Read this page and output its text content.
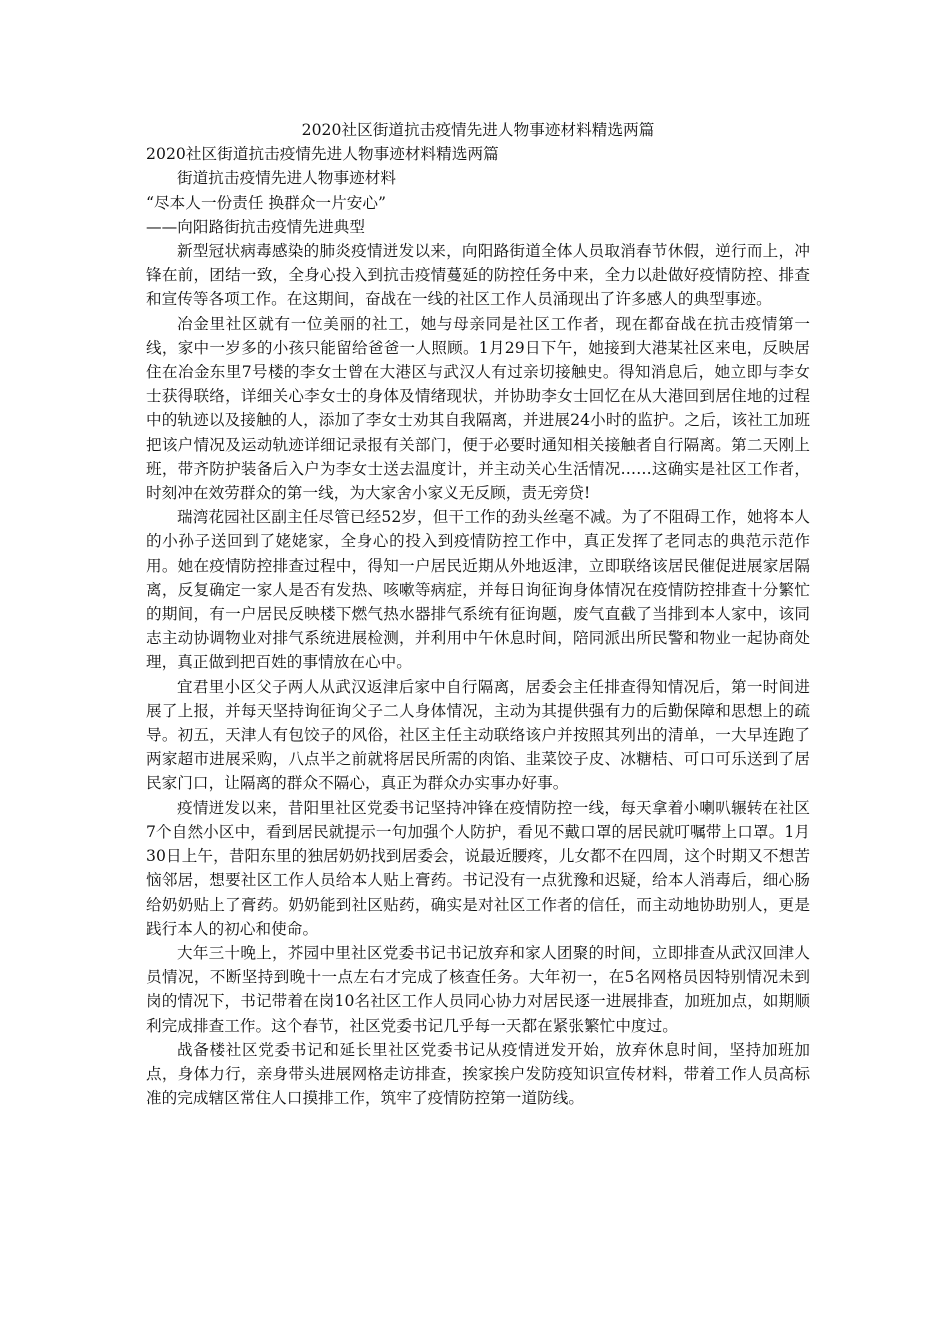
2020社区街道抗击疫情先进人物事迹材料精选两篇

2020社区街道抗击疫情先进人物事迹材料精选两篇

街道抗击疫情先进人物事迹材料

“尽本人一份责任 换群众一片安心”

——向阳路街抗击疫情先进典型

新型冠状病毒感染的肺炎疫情迸发以来，向阳路街道全体人员取消春节休假，逆行而上，冲锋在前，团结一致，全身心投入到抗击疫情蔓延的防控任务中来，全力以赴做好疫情防控、排查和宣传等各项工作。在这期间，奋战在一线的社区工作人员涌现出了许多感人的典型事迹。

冶金里社区就有一位美丽的社工，她与母亲同是社区工作者，现在都奋战在抗击疫情第一线，家中一岁多的小孩只能留给爸爸一人照顾。1月29日下午，她接到大港某社区来电，反映居住在冶金东里7号楼的李女士曾在大港区与武汉人有过亲切接触史。得知消息后，她立即与李女士获得联络，详细关心李女士的身体及情绪现状，并协助李女士回忆在从大港回到居住地的过程中的轨迹以及接触的人，添加了李女士劝其自我隔离，并进展24小时的监护。之后，该社工加班把该户情况及运动轨迹详细记录报有关部门，便于必要时通知相关接触者自行隔离。第二天刚上班，带齐防护装备后入户为李女士送去温度计，并主动关心生活情况……这确实是社区工作者，时刻冲在效劳群众的第一线，为大家舍小家义无反顾，责无旁贷!

瑞湾花园社区副主任尽管已经52岁，但干工作的劲头丝毫不减。为了不阻碍工作，她将本人的小孙子送回到了姥姥家，全身心的投入到疫情防控工作中，真正发挥了老同志的典范示范作用。她在疫情防控排查过程中，得知一户居民近期从外地返津，立即联络该居民催促进展家居隔离，反复确定一家人是否有发热、咳嗽等病症，并每日询征询身体情况在疫情防控排查十分繁忙的期间，有一户居民反映楼下燃气热水器排气系统有征询题，废气直截了当排到本人家中，该同志主动协调物业对排气系统进展检测，并利用中午休息时间，陪同派出所民警和物业一起协商处理，真正做到把百姓的事情放在心中。

宜君里小区父子两人从武汉返津后家中自行隔离，居委会主任排查得知情况后，第一时间进展了上报，并每天坚持询征询父子二人身体情况，主动为其提供强有力的后勤保障和思想上的疏导。初五，天津人有包饺子的风俗，社区主任主动联络该户并按照其列出的清单，一大早连跑了两家超市进展采购，八点半之前就将居民所需的肉馅、韭菜饺子皮、冰糖桔、可口可乐送到了居民家门口，让隔离的群众不隔心，真正为群众办实事办好事。

疫情迸发以来，昔阳里社区党委书记坚持冲锋在疫情防控一线，每天拿着小喇叭辗转在社区7个自然小区中，看到居民就提示一句加强个人防护，看见不戴口罩的居民就叮嘱带上口罩。1月30日上午，昔阳东里的独居奶奶找到居委会，说最近腰疼，儿女都不在四周，这个时期又不想苦恼邻居，想要社区工作人员给本人贴上膏药。书记没有一点犹豫和迟疑，给本人消毒后，细心肠给奶奶贴上了膏药。奶奶能到社区贴药，确实是对社区工作者的信任，而主动地协助别人，更是践行本人的初心和使命。

大年三十晚上，芥园中里社区党委书记书记放弃和家人团聚的时间，立即排查从武汉回津人员情况，不断坚持到晚十一点左右才完成了核查任务。大年初一，在5名网格员因特别情况未到岗的情况下，书记带着在岗10名社区工作人员同心协力对居民逐一进展排查，加班加点，如期顺利完成排查工作。这个春节，社区党委书记几乎每一天都在紧张繁忙中度过。

战备楼社区党委书记和延长里社区党委书记从疫情迸发开始，放弃休息时间，坚持加班加点，身体力行，亲身带头进展网格走访排查，挨家挨户发防疫知识宣传材料，带着工作人员高标准的完成辖区常住人口摸排工作，筑牢了疫情防控第一道防线。
